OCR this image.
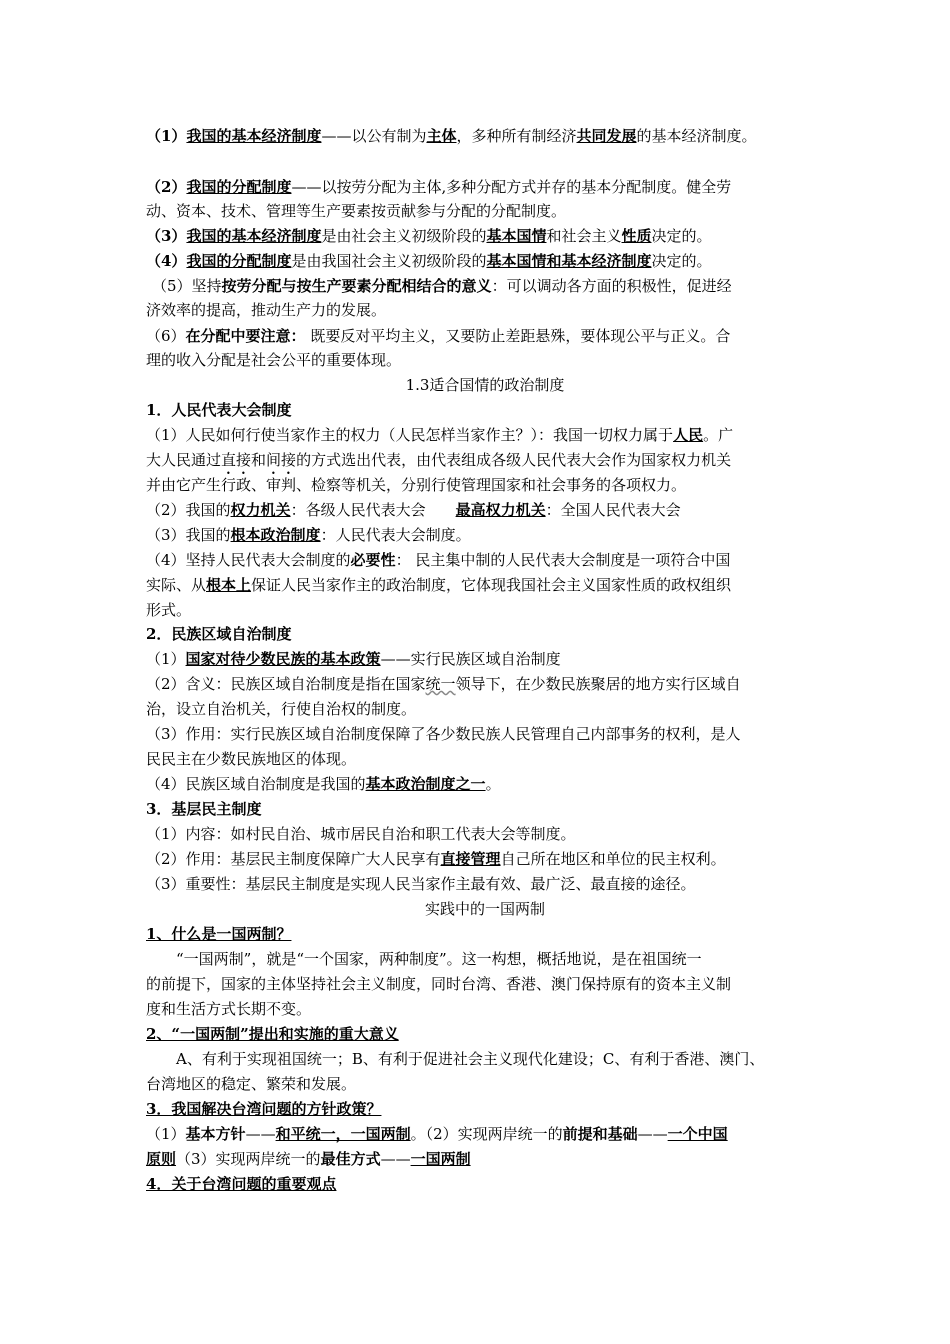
（1）我国的基本经济制度——以公有制为主体，多种所有制经济共同发展的基本经济制度。
（2）我国的分配制度——以按劳分配为主体,多种分配方式并存的基本分配制度。健全劳
动、资本、技术、管理等生产要素按贡献参与分配的分配制度。
（3）我国的基本经济制度是由社会主义初级阶段的基本国情和社会主义性质决定的。
（4）我国的分配制度是由我国社会主义初级阶段的基本国情和基本经济制度决定的。
（5）坚持按劳分配与按生产要素分配相结合的意义：可以调动各方面的积极性，促进经
济效率的提高，推动生产力的发展。
（6）在分配中要注意： 既要反对平均主义，又要防止差距悬殊，要体现公平与正义。合
理的收入分配是社会公平的重要体现。
1.3适合国情的政治制度
1．人民代表大会制度
（1）人民如何行使当家作主的权力（人民怎样当家作主？）：我国一切权力属于人民。广
大人民通过直接和间接的方式选出代表，由代表组成各级人民代表大会作为国家权力机关
并由它产生行政、审判、检察等机关，分别行使管理国家和社会事务的各项权力。
（2）我国的权力机关：各级人民代表大会　　最高权力机关：全国人民代表大会
（3）我国的根本政治制度：人民代表大会制度。
（4）坚持人民代表大会制度的必要性： 民主集中制的人民代表大会制度是一项符合中国
实际、从根本上保证人民当家作主的政治制度，它体现我国社会主义国家性质的政权组织
形式。
2．民族区域自治制度
（1）国家对待少数民族的基本政策——实行民族区域自治制度
（2）含义：民族区域自治制度是指在国家统一领导下，在少数民族聚居的地方实行区域自
治，设立自治机关，行使自治权的制度。
（3）作用：实行民族区域自治制度保障了各少数民族人民管理自己内部事务的权利，是人
民民主在少数民族地区的体现。
（4）民族区域自治制度是我国的基本政治制度之一。
3．基层民主制度
（1）内容：如村民自治、城市居民自治和职工代表大会等制度。
（2）作用：基层民主制度保障广大人民享有直接管理自己所在地区和单位的民主权利。
（3）重要性：基层民主制度是实现人民当家作主最有效、最广泛、最直接的途径。
实践中的一国两制
1、什么是一国两制？
“一国两制”，就是“一个国家，两种制度”。这一构想，概括地说，是在祖国统一
的前提下，国家的主体坚持社会主义制度，同时台湾、香港、澳门保持原有的资本主义制
度和生活方式长期不变。
2、“一国两制”提出和实施的重大意义
A、有利于实现祖国统一；B、有利于促进社会主义现代化建设；C、有利于香港、澳门、
台湾地区的稳定、繁荣和发展。
3．我国解决台湾问题的方针政策？
（1）基本方针——和平统一，一国两制。（2）实现两岸统一的前提和基础——一个中国
原则（3）实现两岸统一的最佳方式——一国两制
4．关于台湾问题的重要观点
